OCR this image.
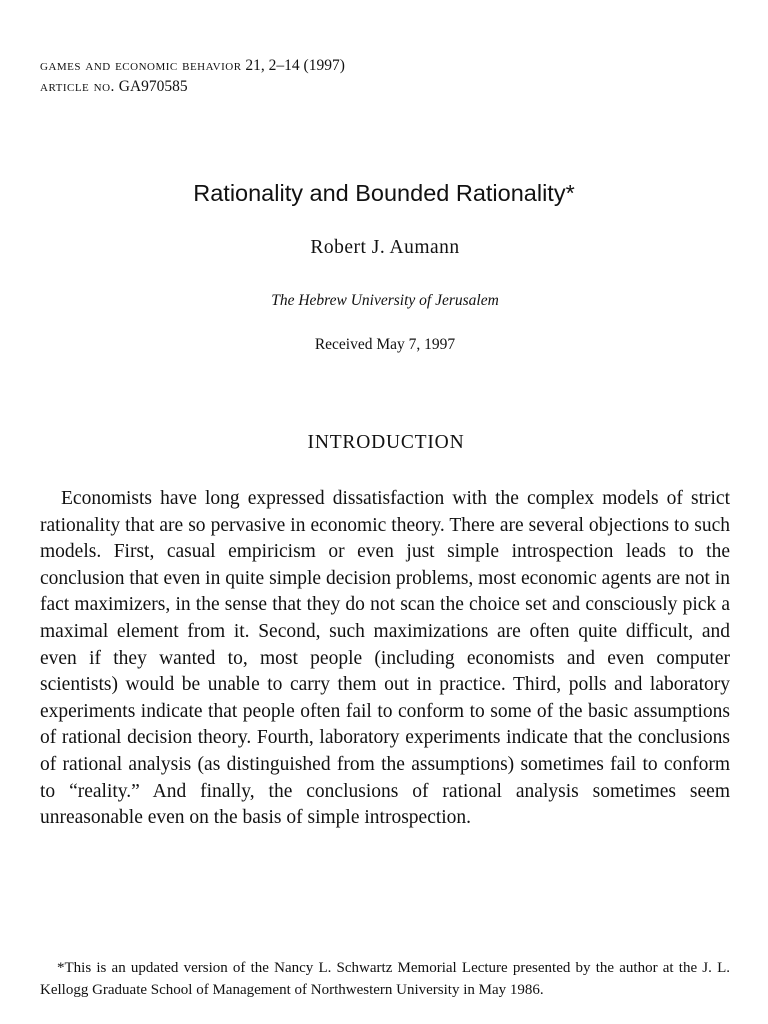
games and economic behavior 21, 2–14 (1997)
article no. GA970585
Rationality and Bounded Rationality*
Robert J. Aumann
The Hebrew University of Jerusalem
Received May 7, 1997
INTRODUCTION

Economists have long expressed dissatisfaction with the complex models of strict rationality that are so pervasive in economic theory. There are several objections to such models. First, casual empiricism or even just simple introspection leads to the conclusion that even in quite simple decision problems, most economic agents are not in fact maximizers, in the sense that they do not scan the choice set and consciously pick a maximal element from it. Second, such maximizations are often quite difficult, and even if they wanted to, most people (including economists and even computer scientists) would be unable to carry them out in practice. Third, polls and laboratory experiments indicate that people often fail to conform to some of the basic assumptions of rational decision theory. Fourth, laboratory experiments indicate that the conclusions of rational analysis (as distinguished from the assumptions) sometimes fail to conform to “reality.” And finally, the conclusions of rational analysis sometimes seem unreasonable even on the basis of simple introspection.

*This is an updated version of the Nancy L. Schwartz Memorial Lecture presented by the author at the J. L. Kellogg Graduate School of Management of Northwestern University in May 1986.
